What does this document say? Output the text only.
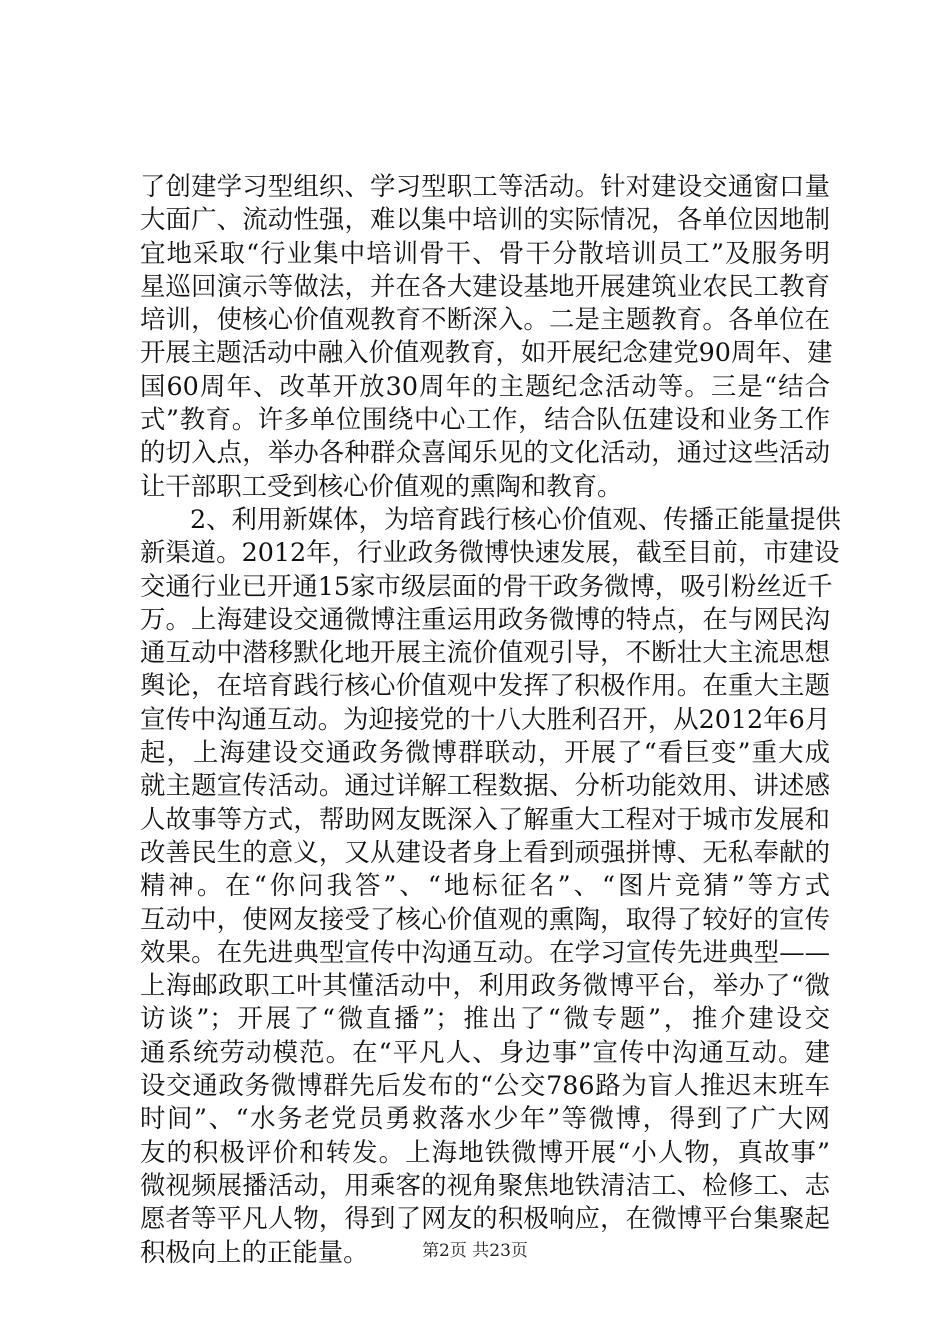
了创建学习型组织、学习型职工等活动。针对建设交通窗口量
大面广、流动性强，难以集中培训的实际情况，各单位因地制
宜地采取“行业集中培训骨干、骨干分散培训员工”及服务明
星巡回演示等做法，并在各大建设基地开展建筑业农民工教育
培训，使核心价值观教育不断深入。二是主题教育。各单位在
开展主题活动中融入价值观教育，如开展纪念建党90周年、建
国60周年、改革开放30周年的主题纪念活动等。三是“结合
式”教育。许多单位围绕中心工作，结合队伍建设和业务工作
的切入点，举办各种群众喜闻乐见的文化活动，通过这些活动
让干部职工受到核心价值观的熏陶和教育。
2、利用新媒体，为培育践行核心价值观、传播正能量提供
新渠道。2012年，行业政务微博快速发展，截至目前，市建设
交通行业已开通15家市级层面的骨干政务微博，吸引粉丝近千
万。上海建设交通微博注重运用政务微博的特点，在与网民沟
通互动中潜移默化地开展主流价值观引导，不断壮大主流思想
舆论，在培育践行核心价值观中发挥了积极作用。在重大主题
宣传中沟通互动。为迎接党的十八大胜利召开，从2012年6月
起，上海建设交通政务微博群联动，开展了“看巨变”重大成
就主题宣传活动。通过详解工程数据、分析功能效用、讲述感
人故事等方式，帮助网友既深入了解重大工程对于城市发展和
改善民生的意义，又从建设者身上看到顽强拼博、无私奉献的
精神。在“你问我答”、“地标征名”、“图片竞猜”等方式
互动中，使网友接受了核心价值观的熏陶，取得了较好的宣传
效果。在先进典型宣传中沟通互动。在学习宣传先进典型——
上海邮政职工叶其懂活动中，利用政务微博平台，举办了“微
访谈”；开展了“微直播”；推出了“微专题”，推介建设交
通系统劳动模范。在“平凡人、身边事”宣传中沟通互动。建
设交通政务微博群先后发布的“公交786路为盲人推迟末班车
时间”、“水务老党员勇救落水少年”等微博，得到了广大网
友的积极评价和转发。上海地铁微博开展“小人物，真故事”
微视频展播活动，用乘客的视角聚焦地铁清洁工、检修工、志
愿者等平凡人物，得到了网友的积极响应，在微博平台集聚起
积极向上的正能量。	第2页 共23页
